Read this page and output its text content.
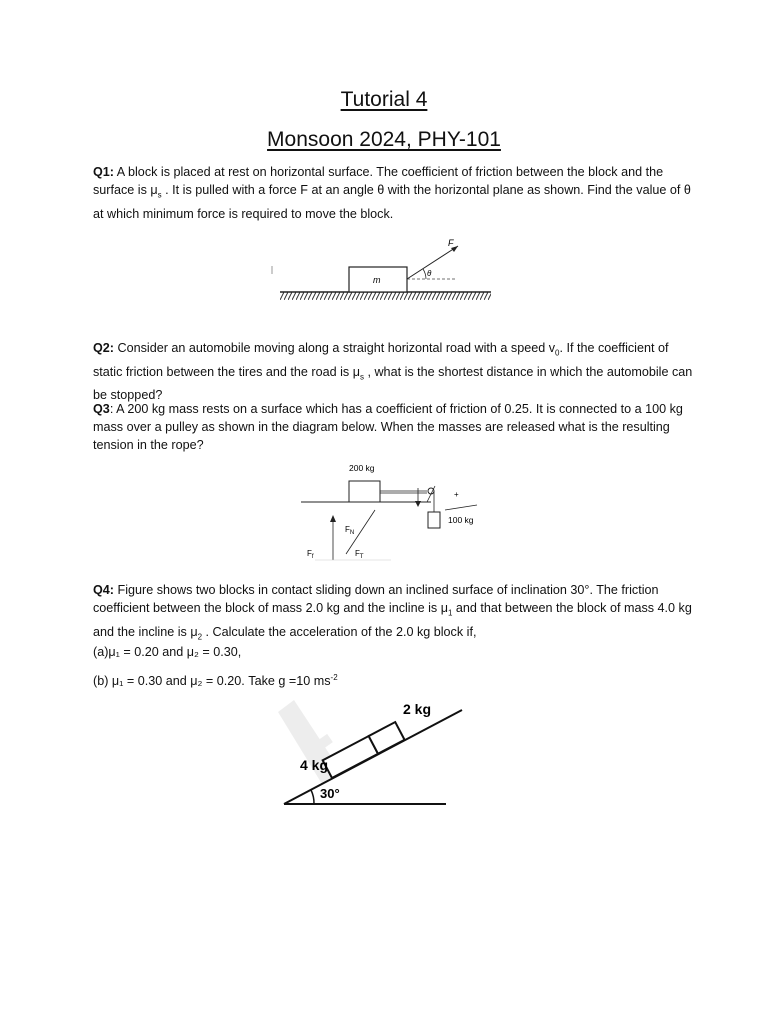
Tutorial 4
Monsoon 2024, PHY-101

Q1: A block is placed at rest on horizontal surface. The coefficient of friction between the block and the surface is $\mu_s$ . It is pulled with a force F at an angle θ with the horizontal plane as shown. Find the value of θ at which minimum force is required to move the block.

m
F
θ

Q2: Consider an automobile moving along a straight horizontal road with a speed $v_0$. If the coefficient of static friction between the tires and the road is $\mu_s$ , what is the shortest distance in which the automobile can be stopped?

Q3: A 200 kg mass rests on a surface which has a coefficient of friction of 0.25. It is connected to a 100 kg mass over a pulley as shown in the diagram below. When the masses are released what is the resulting tension in the rope?

200 kg
+
100 kg
$F_N$
$F_f$	$F_T$

Q4: Figure shows two blocks in contact sliding down an inclined surface of inclination 30°. The friction coefficient between the block of mass 2.0 kg and the incline is $\mu_1$ and that between the block of mass 4.0 kg and the incline is $\mu_2$ . Calculate the acceleration of the 2.0 kg block if,

(a)μ₁ = 0.20 and μ₂ = 0.30,

(b) μ₁ = 0.30 and μ₂ = 0.20. Take g =10 $ms^{-2}$

2 kg
4 kg
30°
